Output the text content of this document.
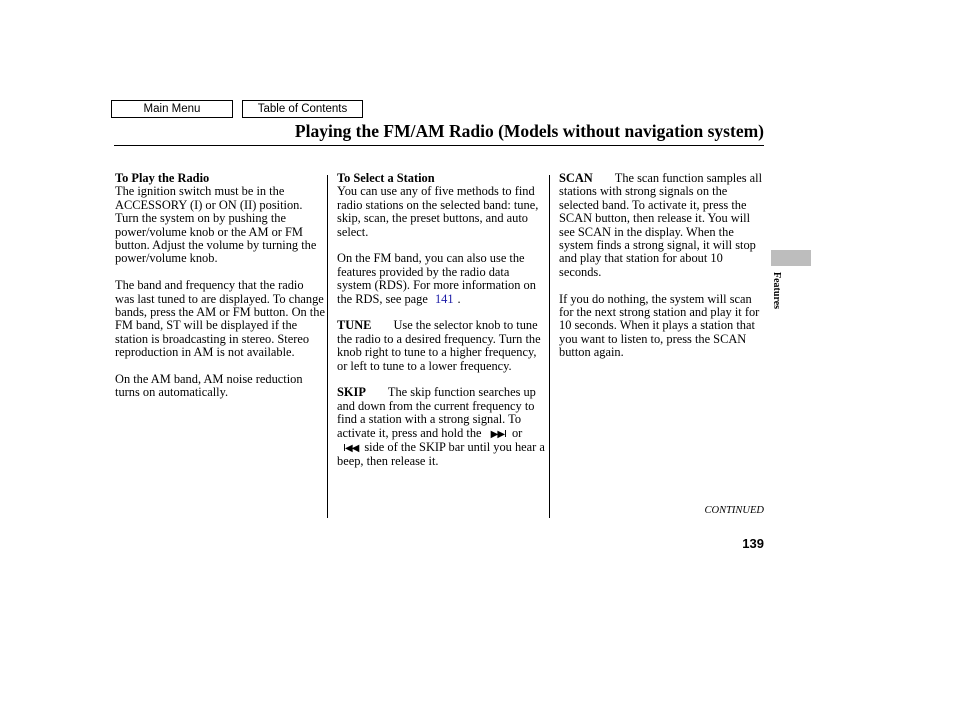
Main Menu	Table of Contents
Playing the FM/AM Radio (Models without navigation system)

To Play the Radio
The ignition switch must be in the ACCESSORY (I) or ON (II) position. Turn the system on by pushing the power/volume knob or the AM or FM button. Adjust the volume by turning the power/volume knob.

The band and frequency that the radio was last tuned to are displayed. To change bands, press the AM or FM button. On the FM band, ST will be displayed if the station is broadcasting in stereo. Stereo reproduction in AM is not available.

On the AM band, AM noise reduction turns on automatically.

To Select a Station
You can use any of five methods to find radio stations on the selected band: tune, skip, scan, the preset buttons, and auto select.

On the FM band, you can also use the features provided by the radio data system (RDS). For more information on the RDS, see page 141 .

TUNE Use the selector knob to tune the radio to a desired frequency. Turn the knob right to tune to a higher frequency, or left to tune to a lower frequency.

SKIP The skip function searches up and down from the current frequency to find a station with a strong signal. To activate it, press and hold the ▶▶I or I◀◀ side of the SKIP bar until you hear a beep, then release it.

SCAN The scan function samples all stations with strong signals on the selected band. To activate it, press the SCAN button, then release it. You will see SCAN in the display. When the system finds a strong signal, it will stop and play that station for about 10 seconds.

If you do nothing, the system will scan for the next strong station and play it for 10 seconds. When it plays a station that you want to listen to, press the SCAN button again.

CONTINUED
139
Features
